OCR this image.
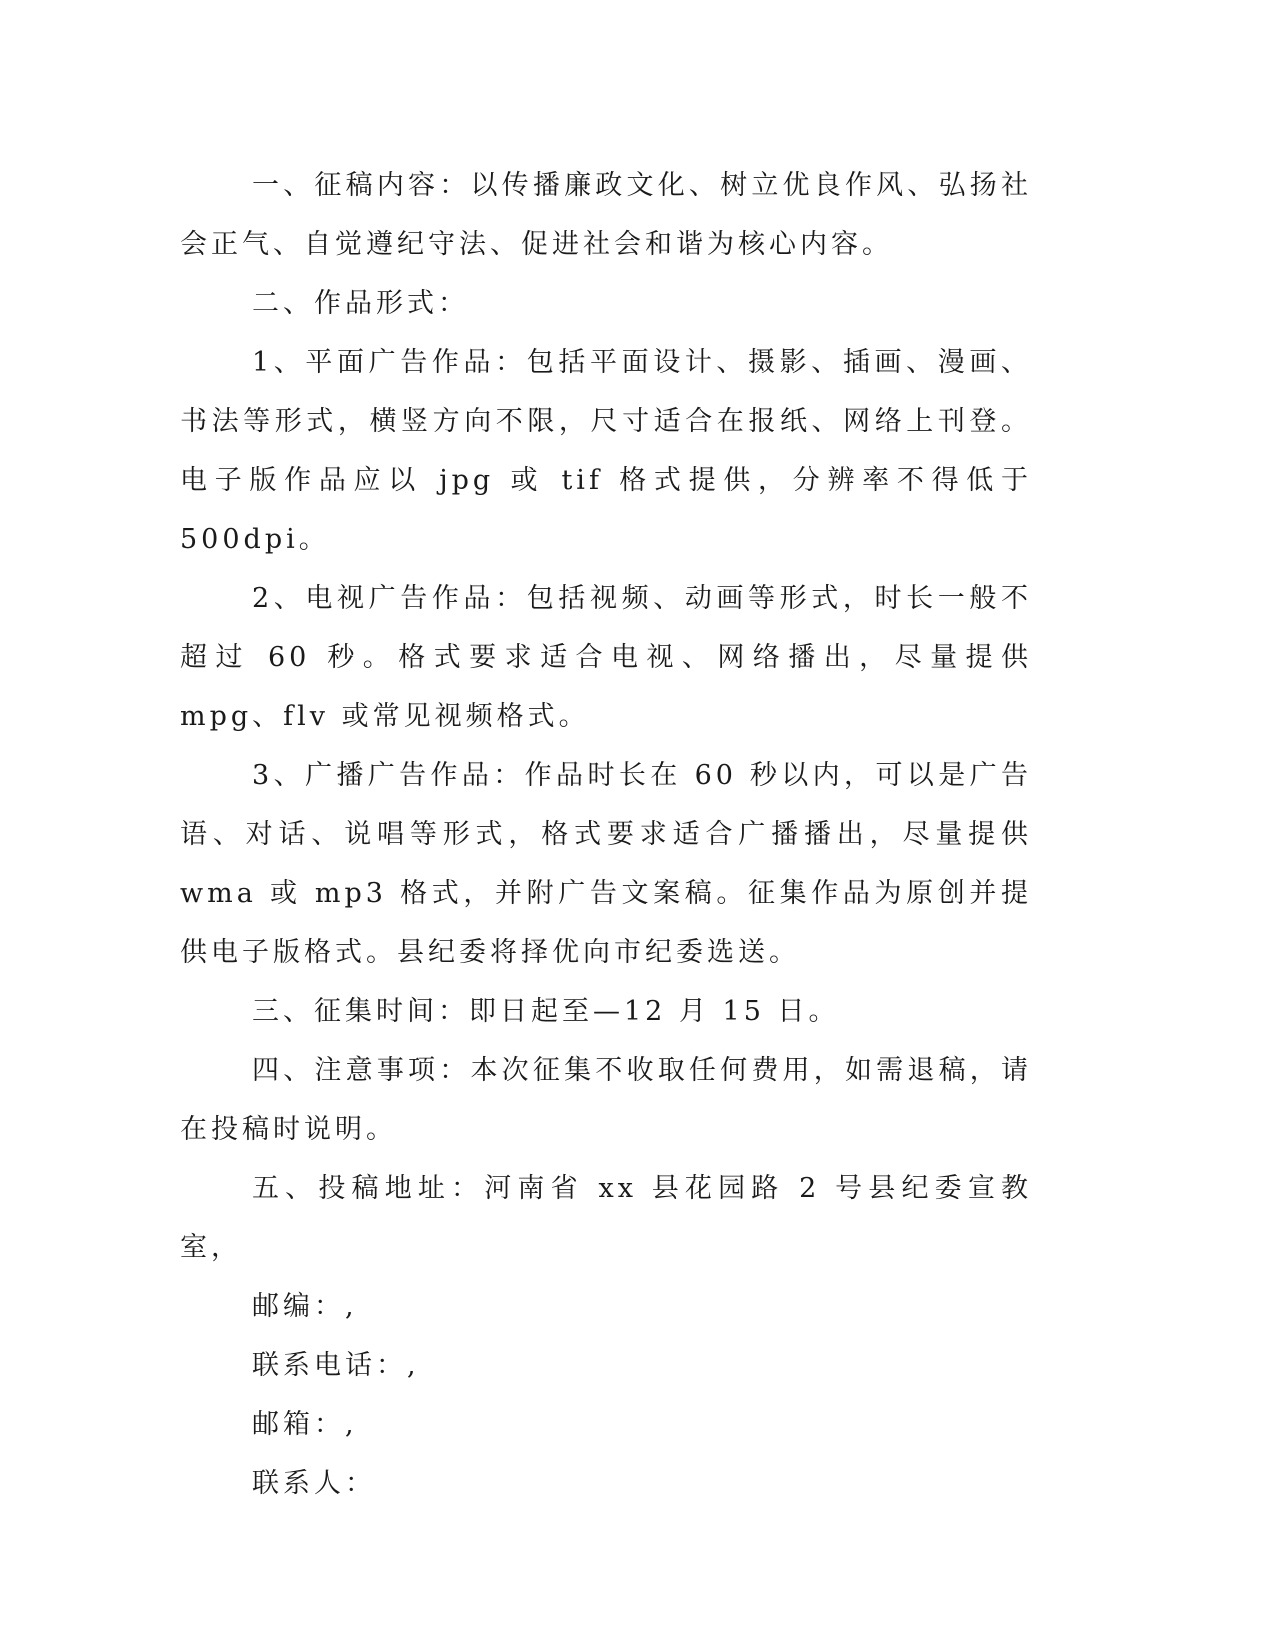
一、征稿内容：以传播廉政文化、树立优良作风、弘扬社会正气、自觉遵纪守法、促进社会和谐为核心内容。

二、作品形式：

1、平面广告作品：包括平面设计、摄影、插画、漫画、书法等形式，横竖方向不限，尺寸适合在报纸、网络上刊登。电子版作品应以 jpg 或 tif 格式提供，分辨率不得低于 500dpi。

2、电视广告作品：包括视频、动画等形式，时长一般不超过 60 秒。格式要求适合电视、网络播出，尽量提供 mpg、flv 或常见视频格式。

3、广播广告作品：作品时长在 60 秒以内，可以是广告语、对话、说唱等形式，格式要求适合广播播出，尽量提供 wma 或 mp3 格式，并附广告文案稿。征集作品为原创并提供电子版格式。县纪委将择优向市纪委选送。

三、征集时间：即日起至—12 月 15 日。

四、注意事项：本次征集不收取任何费用，如需退稿，请在投稿时说明。

五、投稿地址：河南省 xx 县花园路 2 号县纪委宣教室，

邮编：,

联系电话：,

邮箱：,

联系人：
